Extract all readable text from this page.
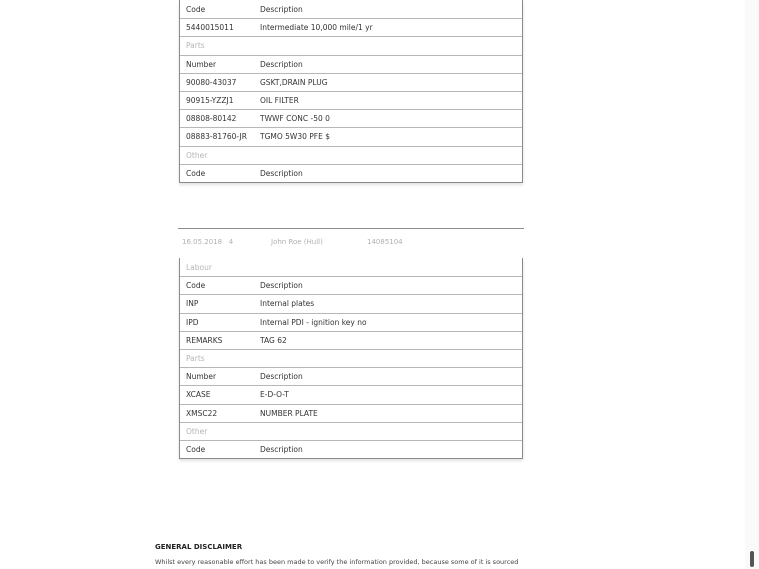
Code	Description
5440015011	Intermediate 10,000 mile/1 yr
Parts
Number	Description
90080-43037	GSKT,DRAIN PLUG
90915-YZZJ1	OIL FILTER
08808-80142	TWWF CONC -50 0
08883-81760-JR	TGMO 5W30 PFE $
Other
Code	Description
16.05.2018 4	John Roe (Hull)	14085104
Labour
Code	Description
INP	Internal plates
IPD	Internal PDI - ignition key no
REMARKS	TAG 62
Parts
Number	Description
XCASE	E-D-O-T
XMSC22	NUMBER PLATE
Other
Code	Description
GENERAL DISCLAIMER
Whilst every reasonable effort has been made to verify the information provided, because some of it is sourced
